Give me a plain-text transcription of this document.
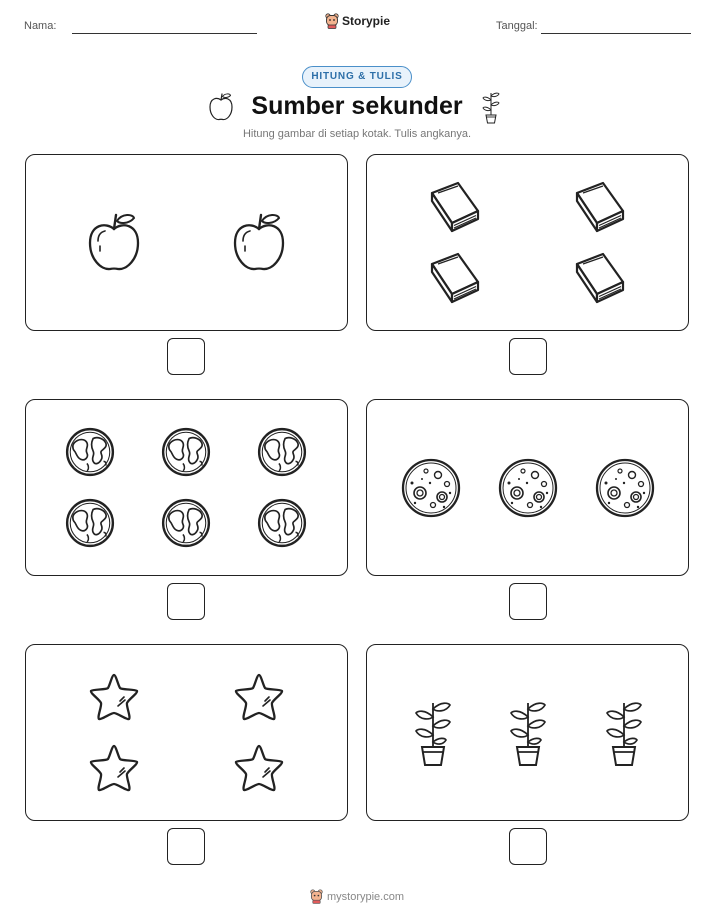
Nama:	Storypie	Tanggal:
HITUNG & TULIS
Sumber sekunder
Hitung gambar di setiap kotak. Tulis angkanya.
mystorypie.com
